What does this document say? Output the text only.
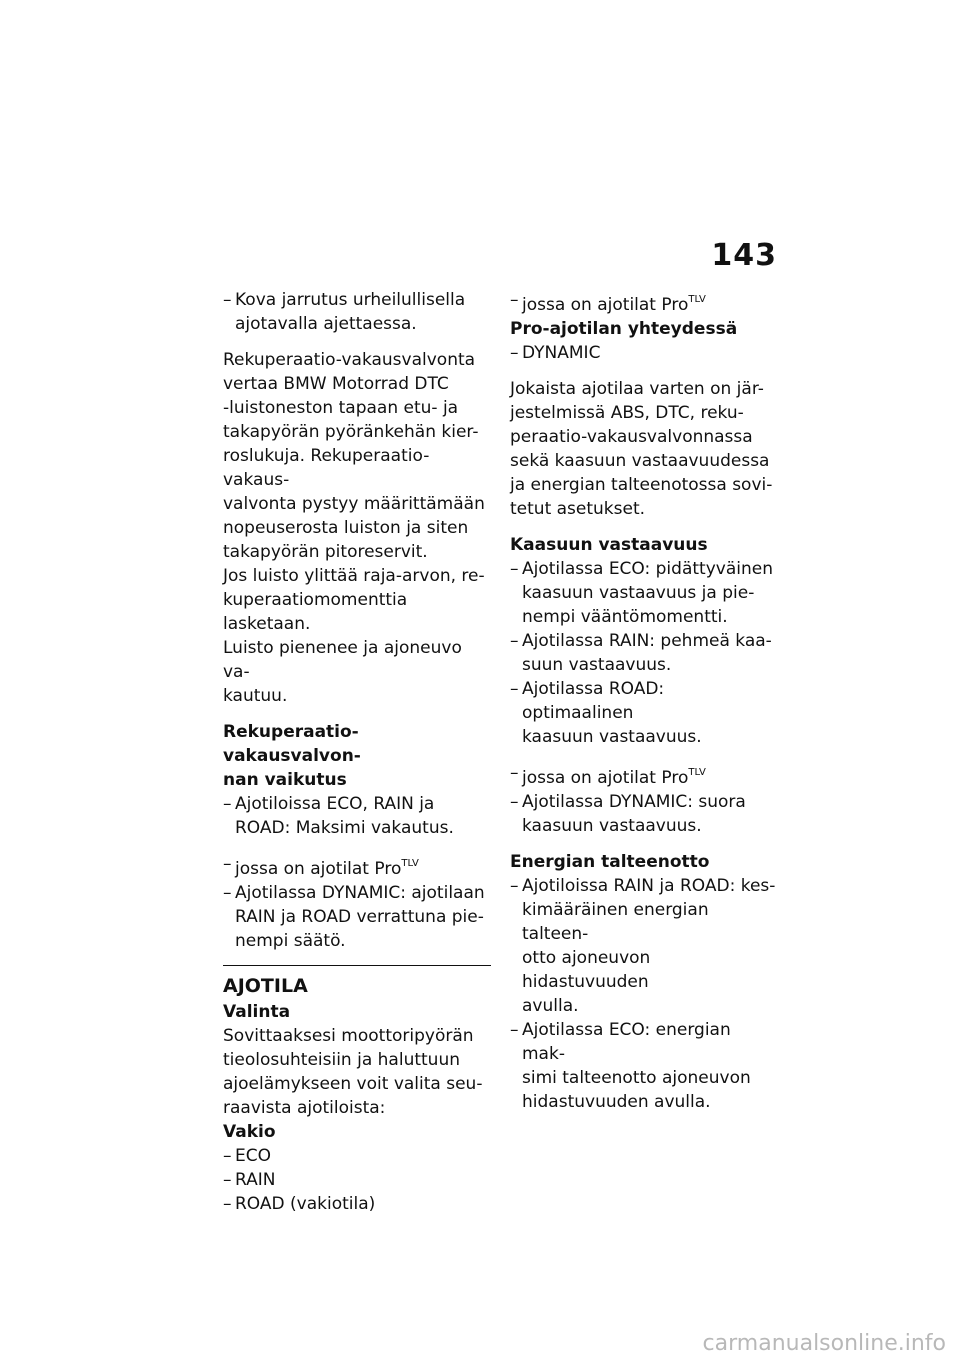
143

– Kova jarrutus urheilullisella
ajotavalla ajettaessa.

Rekuperaatio-vakausvalvonta
vertaa BMW Motorrad DTC
-luistoneston tapaan etu- ja
takapyörän pyöränkehän kier-
roslukuja. Rekuperaatio-vakaus-
valvonta pystyy määrittämään
nopeuserosta luiston ja siten
takapyörän pitoreservit.

Jos luisto ylittää raja-arvon, re-
kuperaatiomomenttia lasketaan.
Luisto pienenee ja ajoneuvo va-
kautuu.

Rekuperaatio-vakausvalvon-
nan vaikutus

– Ajotiloissa ECO, RAIN ja
ROAD: Maksimi vakautus.

– jossa on ajotilat Pro$^{TLV}$

– Ajotilassa DYNAMIC: ajotilaan
RAIN ja ROAD verrattuna pie-
nempi säätö.

AJOTILA

Valinta

Sovittaaksesi moottoripyörän
tieolosuhteisiin ja haluttuun
ajoelämykseen voit valita seu-
raavista ajotiloista:

Vakio

– ECO

– RAIN

– ROAD (vakiotila)

– jossa on ajotilat Pro$^{TLV}$

Pro-ajotilan yhteydessä

– DYNAMIC

Jokaista ajotilaa varten on jär-
jestelmissä ABS, DTC, reku-
peraatio-vakausvalvonnassa
sekä kaasuun vastaavuudessa
ja energian talteenotossa sovi-
tetut asetukset.

Kaasuun vastaavuus

– Ajotilassa ECO: pidättyväinen
kaasuun vastaavuus ja pie-
nempi vääntömomentti.

– Ajotilassa RAIN: pehmeä kaa-
suun vastaavuus.

– Ajotilassa ROAD: optimaalinen
kaasuun vastaavuus.

– jossa on ajotilat Pro$^{TLV}$

– Ajotilassa DYNAMIC: suora
kaasuun vastaavuus.

Energian talteenotto

– Ajotiloissa RAIN ja ROAD: kes-
kimääräinen energian talteen-
otto ajoneuvon hidastuvuuden
avulla.

– Ajotilassa ECO: energian mak-
simi talteenotto ajoneuvon
hidastuvuuden avulla.

carmanualsonline.info
